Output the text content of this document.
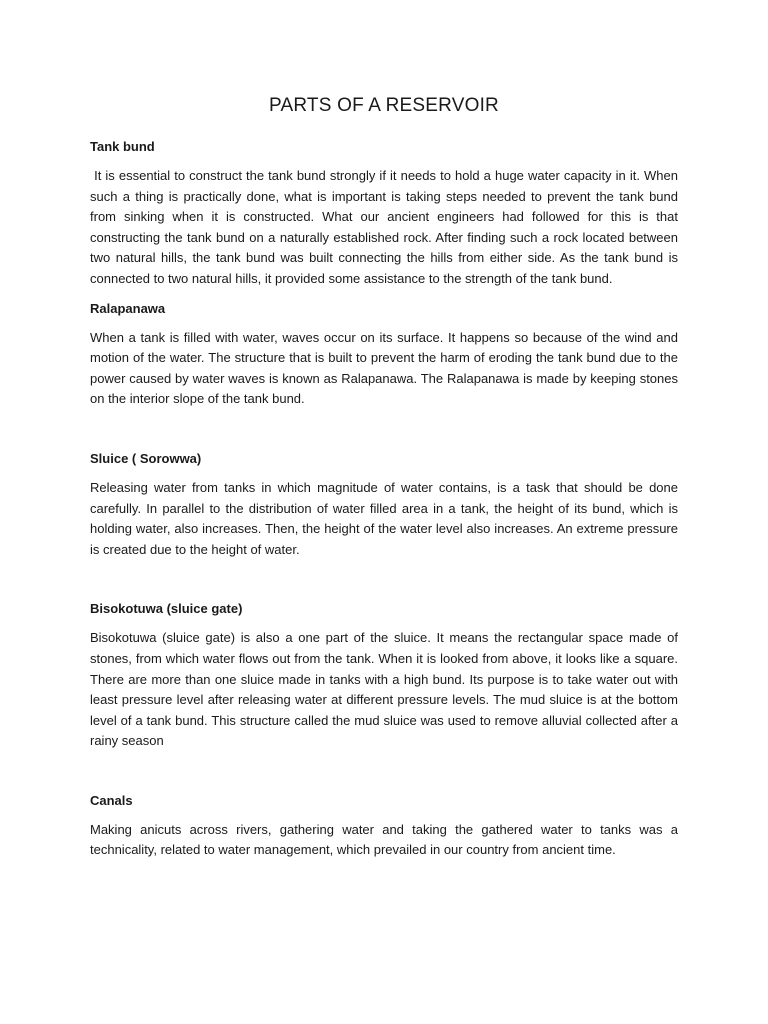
PARTS OF A RESERVOIR
Tank bund

It is essential to construct the tank bund strongly if it needs to hold a huge water capacity in it. When such a thing is practically done, what is important is taking steps needed to prevent the tank bund from sinking when it is constructed. What our ancient engineers had followed for this is that constructing the tank bund on a naturally established rock. After finding such a rock located between two natural hills, the tank bund was built connecting the hills from either side. As the tank bund is connected to two natural hills, it provided some assistance to the strength of the tank bund.

Ralapanawa

When a tank is filled with water, waves occur on its surface. It happens so because of the wind and motion of the water. The structure that is built to prevent the harm of eroding the tank bund due to the power caused by water waves is known as Ralapanawa. The Ralapanawa is made by keeping stones on the interior slope of the tank bund.

Sluice ( Sorowwa)

Releasing water from tanks in which magnitude of water contains, is a task that should be done carefully. In parallel to the distribution of water filled area in a tank, the height of its bund, which is holding water, also increases. Then, the height of the water level also increases. An extreme pressure is created due to the height of water.

Bisokotuwa (sluice gate)

Bisokotuwa (sluice gate) is also a one part of the sluice. It means the rectangular space made of stones, from which water flows out from the tank. When it is looked from above, it looks like a square. There are more than one sluice made in tanks with a high bund. Its purpose is to take water out with least pressure level after releasing water at different pressure levels. The mud sluice is at the bottom level of a tank bund. This structure called the mud sluice was used to remove alluvial collected after a rainy season

Canals

Making anicuts across rivers, gathering water and taking the gathered water to tanks was a technicality, related to water management, which prevailed in our country from ancient time.
